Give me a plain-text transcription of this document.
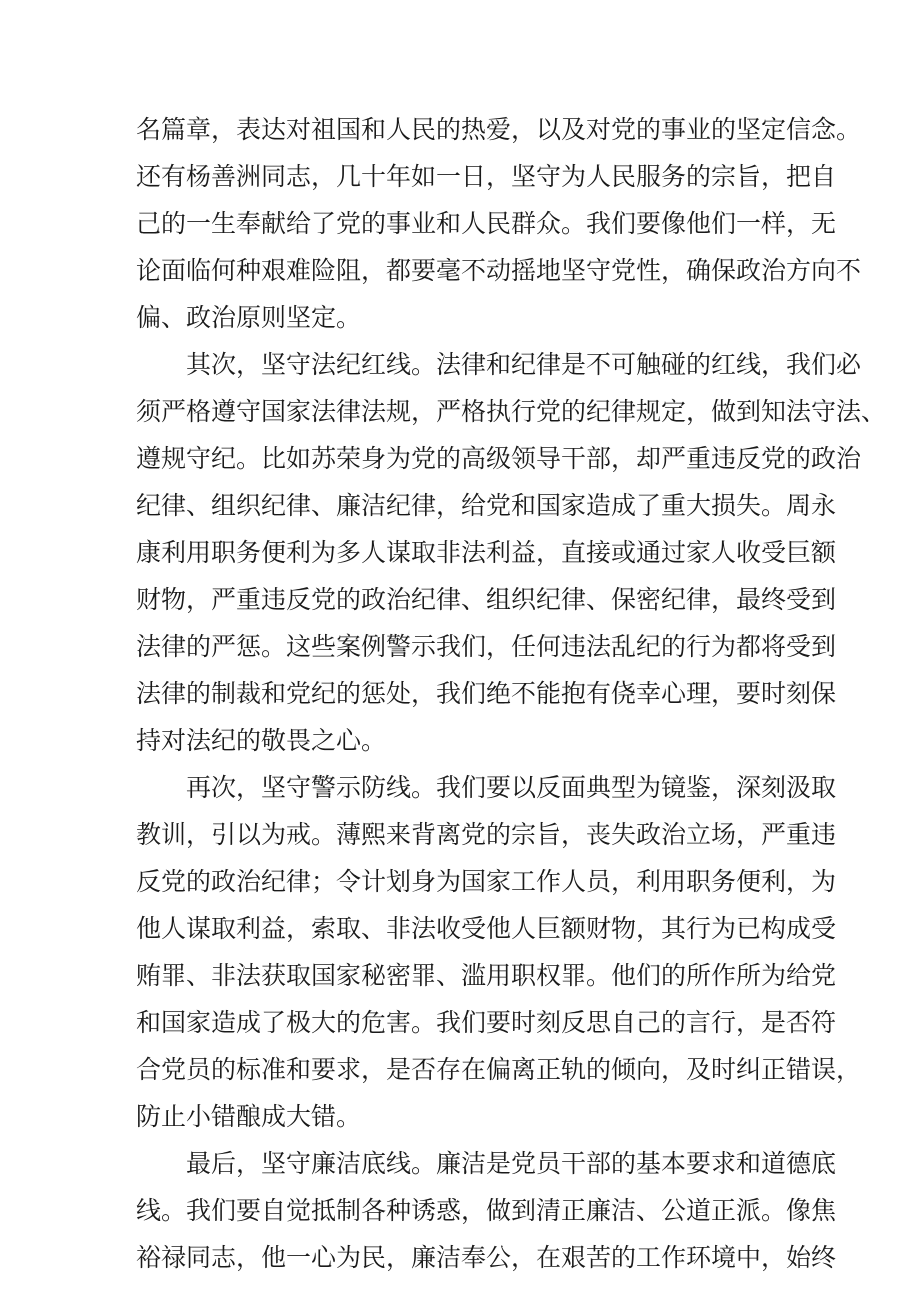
名篇章，表达对祖国和人民的热爱，以及对党的事业的坚定信念。
还有杨善洲同志，几十年如一日，坚守为人民服务的宗旨，把自
己的一生奉献给了党的事业和人民群众。我们要像他们一样，无
论面临何种艰难险阻，都要毫不动摇地坚守党性，确保政治方向不
偏、政治原则坚定。
其次，坚守法纪红线。法律和纪律是不可触碰的红线，我们必
须严格遵守国家法律法规，严格执行党的纪律规定，做到知法守法、
遵规守纪。比如苏荣身为党的高级领导干部，却严重违反党的政治
纪律、组织纪律、廉洁纪律，给党和国家造成了重大损失。周永
康利用职务便利为多人谋取非法利益，直接或通过家人收受巨额
财物，严重违反党的政治纪律、组织纪律、保密纪律，最终受到
法律的严惩。这些案例警示我们，任何违法乱纪的行为都将受到
法律的制裁和党纪的惩处，我们绝不能抱有侥幸心理，要时刻保
持对法纪的敬畏之心。
再次，坚守警示防线。我们要以反面典型为镜鉴，深刻汲取
教训，引以为戒。薄熙来背离党的宗旨，丧失政治立场，严重违
反党的政治纪律；令计划身为国家工作人员，利用职务便利，为
他人谋取利益，索取、非法收受他人巨额财物，其行为已构成受
贿罪、非法获取国家秘密罪、滥用职权罪。他们的所作所为给党
和国家造成了极大的危害。我们要时刻反思自己的言行，是否符
合党员的标准和要求，是否存在偏离正轨的倾向，及时纠正错误，
防止小错酿成大错。
最后，坚守廉洁底线。廉洁是党员干部的基本要求和道德底
线。我们要自觉抵制各种诱惑，做到清正廉洁、公道正派。像焦
裕禄同志，他一心为民，廉洁奉公，在艰苦的工作环境中，始终
